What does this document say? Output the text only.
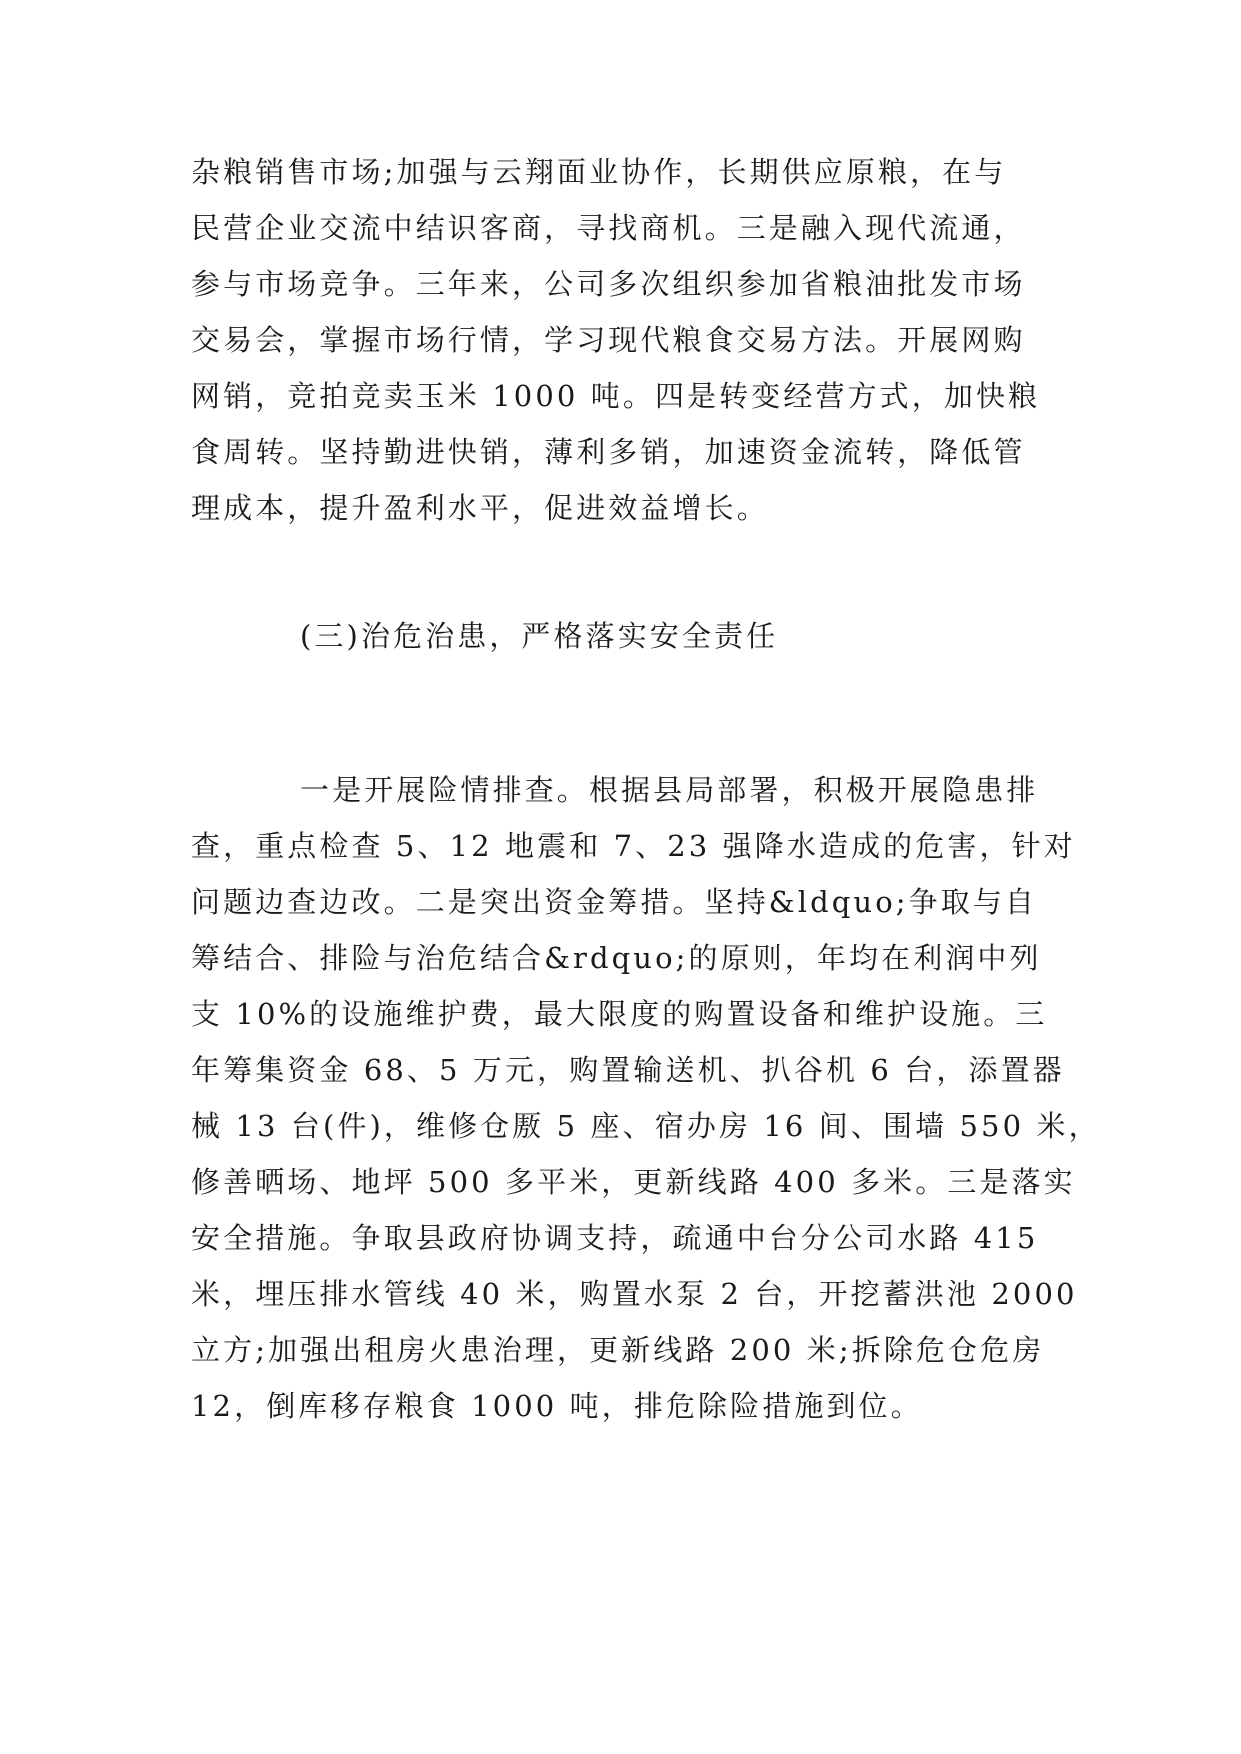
杂粮销售市场;加强与云翔面业协作，长期供应原粮，在与
民营企业交流中结识客商，寻找商机。三是融入现代流通，
参与市场竞争。三年来，公司多次组织参加省粮油批发市场
交易会，掌握市场行情，学习现代粮食交易方法。开展网购
网销，竞拍竞卖玉米 1000 吨。四是转变经营方式，加快粮
食周转。坚持勤进快销，薄利多销，加速资金流转，降低管
理成本，提升盈利水平，促进效益增长。
(三)治危治患，严格落实安全责任
一是开展险情排查。根据县局部署，积极开展隐患排
查，重点检查 5、12 地震和 7、23 强降水造成的危害，针对
问题边查边改。二是突出资金筹措。坚持&ldquo;争取与自
筹结合、排险与治危结合&rdquo;的原则，年均在利润中列
支 10%的设施维护费，最大限度的购置设备和维护设施。三
年筹集资金 68、5 万元，购置输送机、扒谷机 6 台，添置器
械 13 台(件)，维修仓厫 5 座、宿办房 16 间、围墙 550 米，
修善晒场、地坪 500 多平米，更新线路 400 多米。三是落实
安全措施。争取县政府协调支持，疏通中台分公司水路 415
米，埋压排水管线 40 米，购置水泵 2 台，开挖蓄洪池 2000
立方;加强出租房火患治理，更新线路 200 米;拆除危仓危房
12，倒库移存粮食 1000 吨，排危除险措施到位。
